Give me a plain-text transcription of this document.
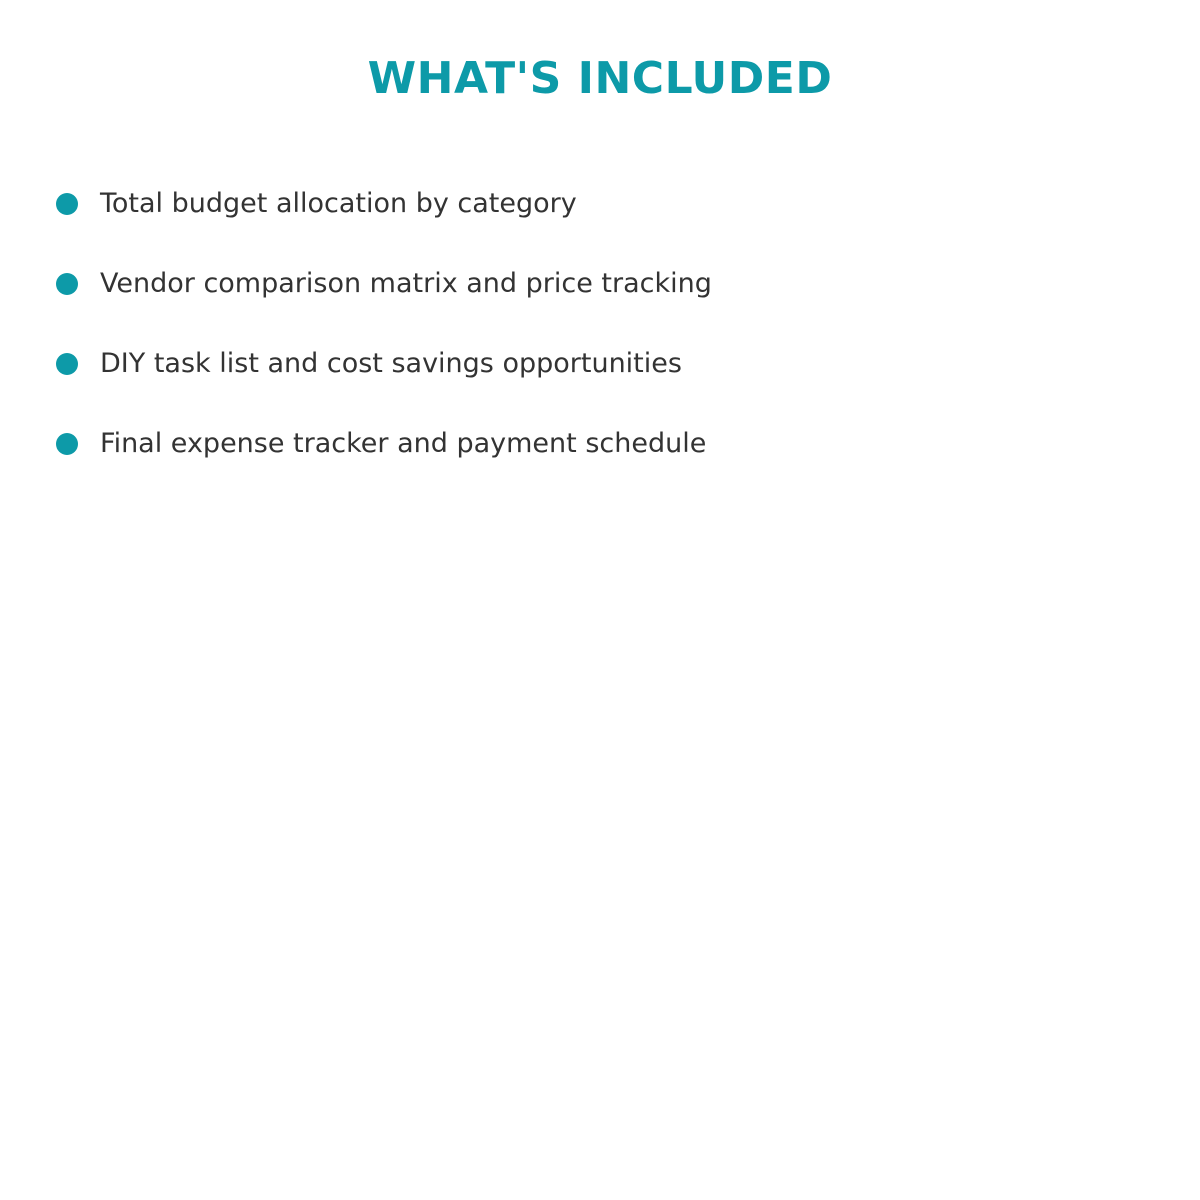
WHAT'S INCLUDED
Total budget allocation by category
Vendor comparison matrix and price tracking
DIY task list and cost savings opportunities
Final expense tracker and payment schedule
